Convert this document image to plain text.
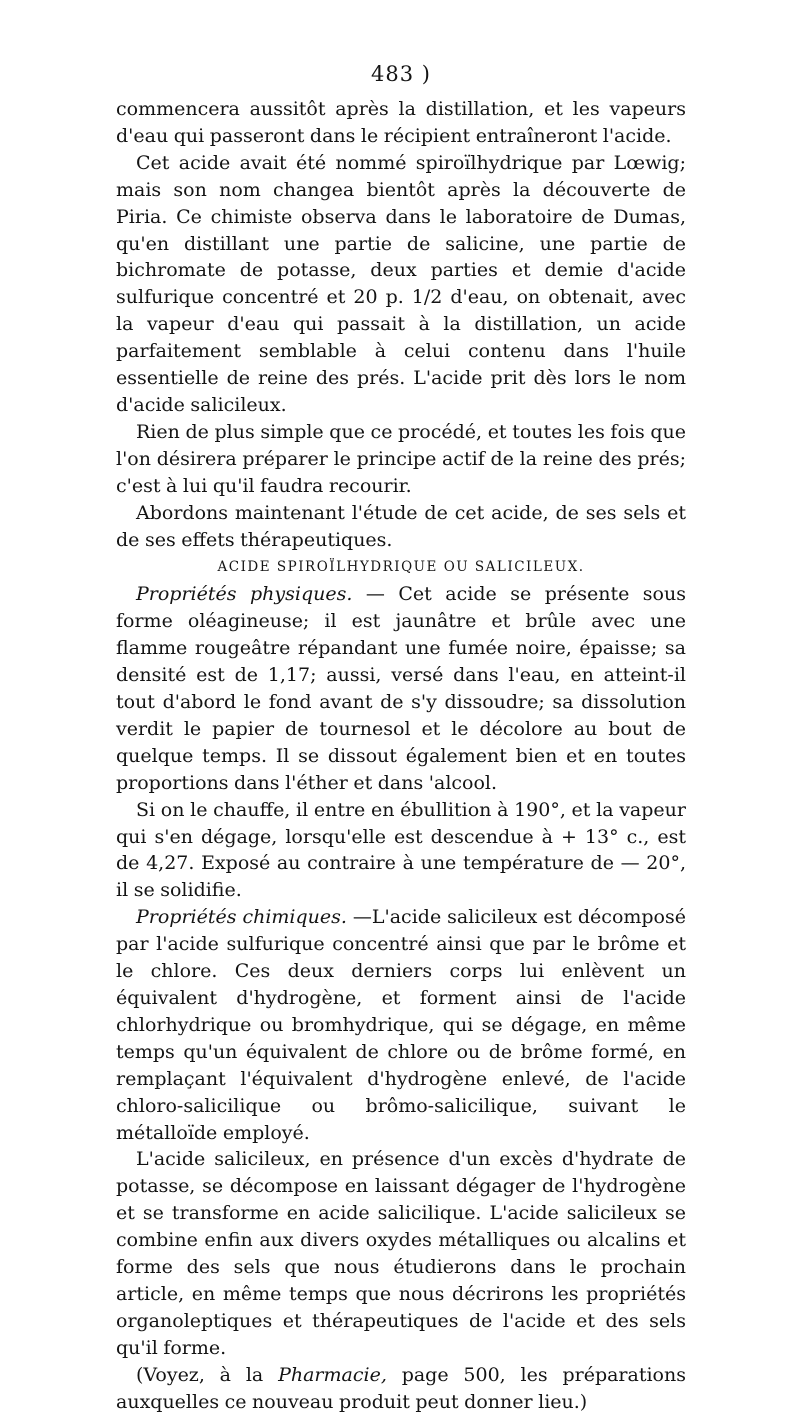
483 )

commencera aussitôt après la distillation, et les vapeurs d'eau qui passeront dans le récipient entraîneront l'acide.

Cet acide avait été nommé spiroïlhydrique par Lœwig; mais son nom changea bientôt après la découverte de Piria. Ce chimiste observa dans le laboratoire de Dumas, qu'en distillant une partie de salicine, une partie de bichromate de potasse, deux parties et demie d'acide sulfurique concentré et 20 p. 1/2 d'eau, on obtenait, avec la vapeur d'eau qui passait à la distillation, un acide parfaitement semblable à celui contenu dans l'huile essentielle de reine des prés. L'acide prit dès lors le nom d'acide salicileux.

Rien de plus simple que ce procédé, et toutes les fois que l'on désirera préparer le principe actif de la reine des prés; c'est à lui qu'il faudra recourir.

Abordons maintenant l'étude de cet acide, de ses sels et de ses effets thérapeutiques.

ACIDE SPIROÏLHYDRIQUE OU SALICILEUX.

Propriétés physiques. — Cet acide se présente sous forme oléagineuse; il est jaunâtre et brûle avec une flamme rougeâtre répandant une fumée noire, épaisse; sa densité est de 1,17; aussi, versé dans l'eau, en atteint-il tout d'abord le fond avant de s'y dissoudre; sa dissolution verdit le papier de tournesol et le décolore au bout de quelque temps. Il se dissout également bien et en toutes proportions dans l'éther et dans 'alcool.

Si on le chauffe, il entre en ébullition à 190°, et la vapeur qui s'en dégage, lorsqu'elle est descendue à + 13° c., est de 4,27. Exposé au contraire à une température de — 20°, il se solidifie.

Propriétés chimiques. —L'acide salicileux est décomposé par l'acide sulfurique concentré ainsi que par le brôme et le chlore. Ces deux derniers corps lui enlèvent un équivalent d'hydrogène, et forment ainsi de l'acide chlorhydrique ou bromhydrique, qui se dégage, en même temps qu'un équivalent de chlore ou de brôme formé, en remplaçant l'équivalent d'hydrogène enlevé, de l'acide chloro-salicilique ou brômo-salicilique, suivant le métalloïde employé.

L'acide salicileux, en présence d'un excès d'hydrate de potasse, se décompose en laissant dégager de l'hydrogène et se transforme en acide salicilique. L'acide salicileux se combine enfin aux divers oxydes métalliques ou alcalins et forme des sels que nous étudierons dans le prochain article, en même temps que nous décrirons les propriétés organoleptiques et thérapeutiques de l'acide et des sels qu'il forme.

(Voyez, à la Pharmacie, page 500, les préparations auxquelles ce nouveau produit peut donner lieu.)
